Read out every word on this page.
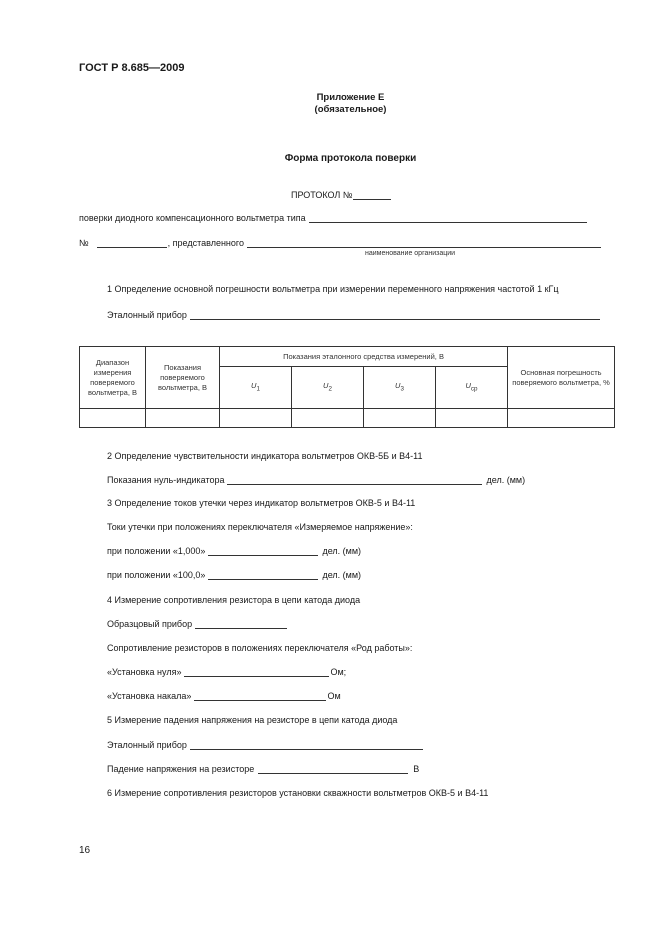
ГОСТ Р 8.685—2009
Приложение Е
(обязательное)
Форма протокола поверки
ПРОТОКОЛ №
поверки диодного компенсационного вольтметра типа
№	, представленного
наименование организации
1 Определение основной погрешности вольтметра при измерении переменного напряжения частотой 1 кГц
Эталонный прибор
Диапазон измерения поверяемого вольтметра, В	Показания поверяемого вольтметра, В	Показания эталонного средства измерений, В				Основная погрешность поверяемого вольтметра, %
		$U_1$	$U_2$	$U_3$	$U_{ср}$

2 Определение чувствительности индикатора вольтметров ОКВ-5Б и В4-11
Показания нуль-индикатора	дел. (мм)
3 Определение токов утечки через индикатор вольтметров ОКВ-5 и В4-11
Токи утечки при положениях переключателя «Измеряемое напряжение»:
при положении «1,000»	дел. (мм)
при положении «100,0»	дел. (мм)
4 Измерение сопротивления резистора в цепи катода диода
Образцовый прибор
Сопротивление резисторов в положениях переключателя «Род работы»:
«Установка нуля»	Ом;
«Установка накала»	Ом
5 Измерение падения напряжения на резисторе в цепи катода диода
Эталонный прибор
Падение напряжения на резисторе	В
6 Измерение сопротивления резисторов установки скважности вольтметров ОКВ-5 и В4-11
16
